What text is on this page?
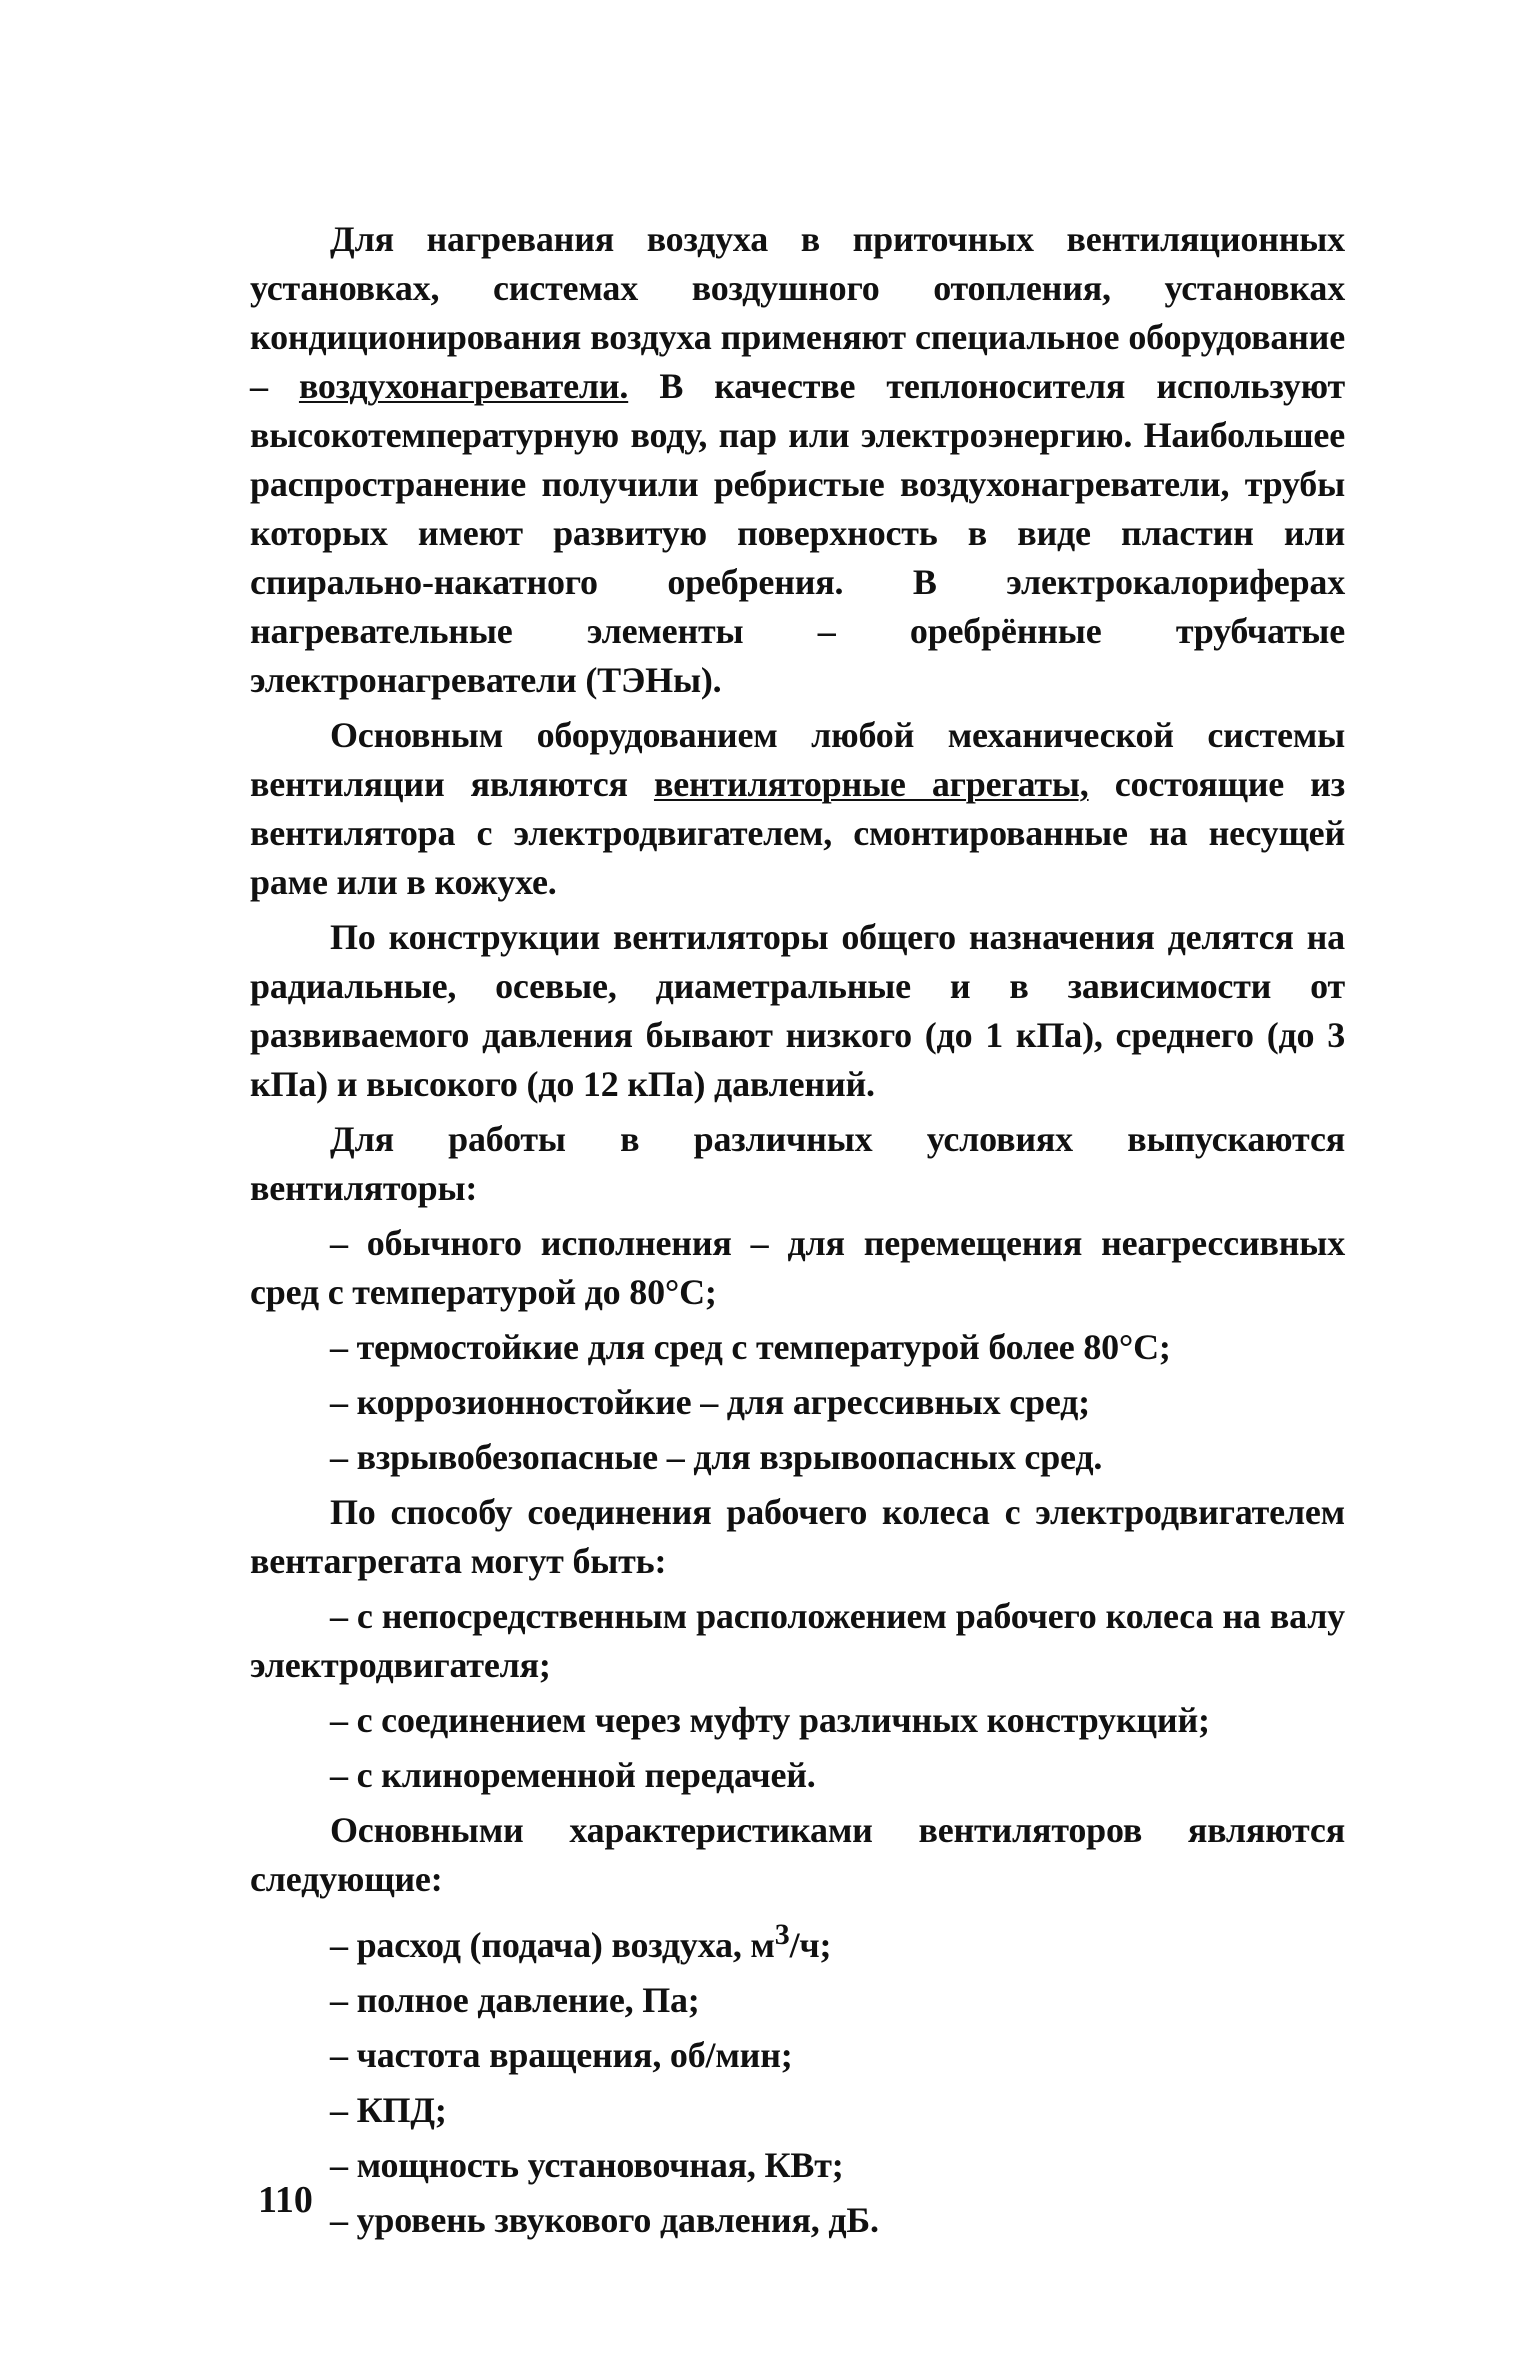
Для нагревания воздуха в приточных вентиляционных установках, системах воздушного отопления, установках кондиционирования воздуха применяют специальное оборудование – воздухонагреватели. В качестве теплоносителя используют высокотемпературную воду, пар или электроэнергию. Наибольшее распространение получили ребристые воздухонагреватели, трубы которых имеют развитую поверхность в виде пластин или спирально-накатного оребрения. В электрокалориферах нагревательные элементы – оребрённые трубчатые электронагреватели (ТЭНы).

Основным оборудованием любой механической системы вентиляции являются вентиляторные агрегаты, состоящие из вентилятора с электродвигателем, смонтированные на несущей раме или в кожухе.

По конструкции вентиляторы общего назначения делятся на радиальные, осевые, диаметральные и в зависимости от развиваемого давления бывают низкого (до 1 кПа), среднего (до 3 кПа) и высокого (до 12 кПа) давлений.

Для работы в различных условиях выпускаются вентиляторы:

– обычного исполнения – для перемещения неагрессивных сред с температурой до 80°С;

– термостойкие для сред с температурой более 80°С;

– коррозионностойкие – для агрессивных сред;

– взрывобезопасные – для взрывоопасных сред.

По способу соединения рабочего колеса с электродвигателем вентагрегата могут быть:

– с непосредственным расположением рабочего колеса на валу электродвигателя;

– с соединением через муфту различных конструкций;

– с клиноременной передачей.

Основными характеристиками вентиляторов являются следующие:

– расход (подача) воздуха, $м^3/ч$;

– полное давление, Па;

– частота вращения, об/мин;

– КПД;

– мощность установочная, КВт;

– уровень звукового давления, дБ.

110
